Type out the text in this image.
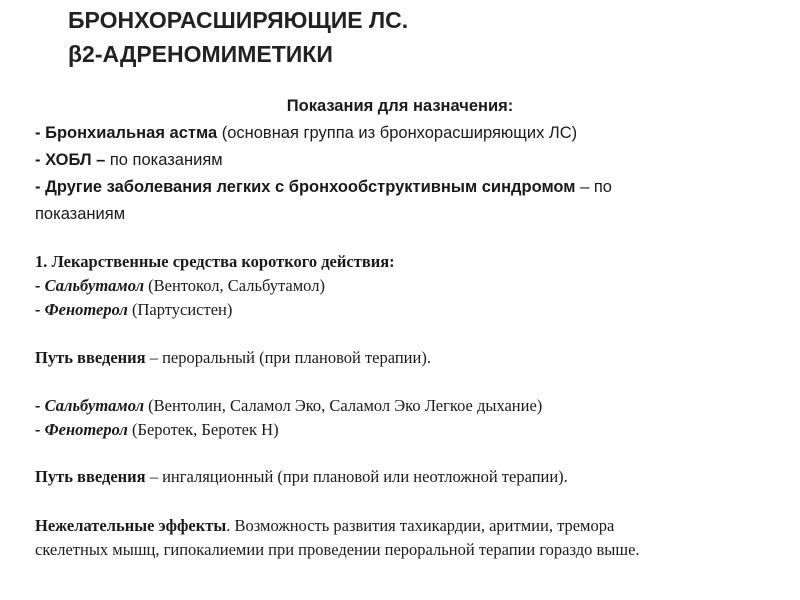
БРОНХОРАСШИРЯЮЩИЕ ЛС.
β2-АДРЕНОМИМЕТИКИ
Показания для назначения:
- Бронхиальная астма (основная группа из бронхорасширяющих ЛС)
- ХОБЛ – по показаниям
- Другие заболевания легких с бронхообструктивным синдромом – по
показаниям
1. Лекарственные средства короткого действия:
- Сальбутамол (Вентокол, Сальбутамол)
- Фенотерол (Партусистен)
Путь введения – пероральный (при плановой терапии).
- Сальбутамол (Вентолин, Саламол Эко, Саламол Эко Легкое дыхание)
- Фенотерол (Беротек, Беротек Н)
Путь введения – ингаляционный (при плановой или неотложной терапии).
Нежелательные эффекты. Возможность развития тахикардии, аритмии, тремора
скелетных мышц, гипокалиемии при проведении пероральной терапии гораздо выше.
